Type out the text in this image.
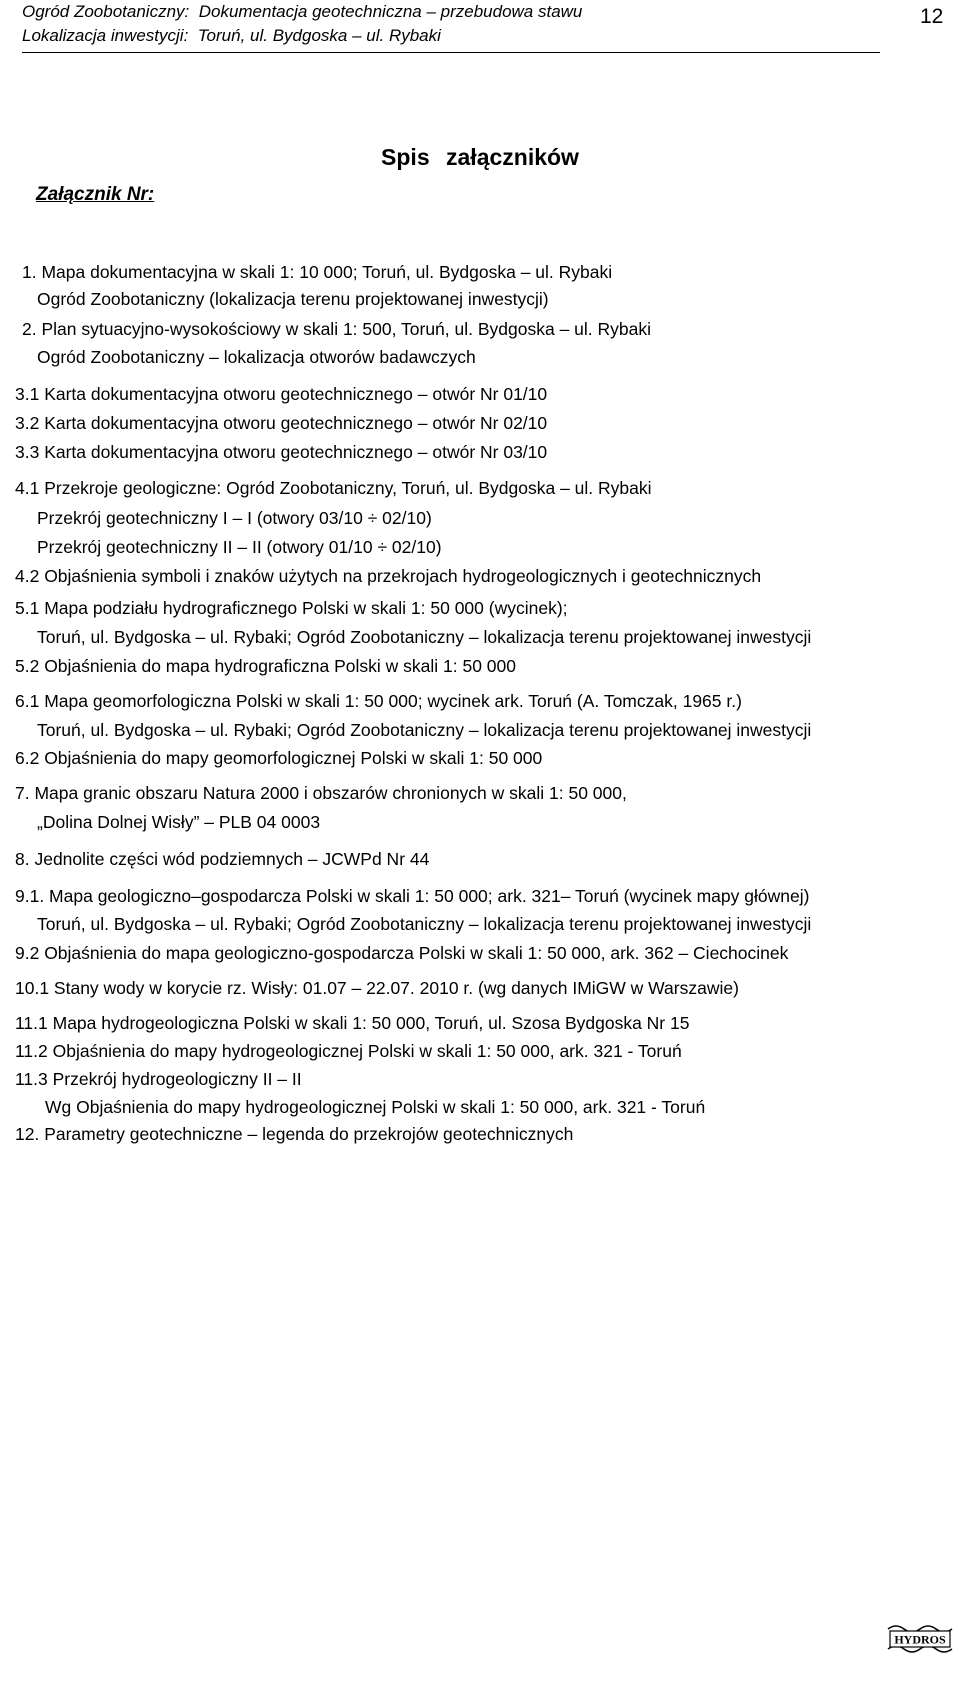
Ogród Zoobotaniczny:  Dokumentacja geotechniczna – przebudowa stawu
Lokalizacja inwestycji:  Toruń, ul. Bydgoska – ul. Rybaki
12
Spis załączników
Załącznik Nr:
1. Mapa dokumentacyjna w skali 1: 10 000; Toruń, ul. Bydgoska – ul. Rybaki
Ogród Zoobotaniczny (lokalizacja terenu projektowanej inwestycji)
2. Plan sytuacyjno-wysokościowy w skali 1: 500, Toruń, ul. Bydgoska – ul. Rybaki
Ogród Zoobotaniczny – lokalizacja otworów badawczych
3.1 Karta dokumentacyjna otworu geotechnicznego – otwór Nr 01/10
3.2 Karta dokumentacyjna otworu geotechnicznego – otwór Nr 02/10
3.3 Karta dokumentacyjna otworu geotechnicznego – otwór Nr 03/10
4.1 Przekroje geologiczne: Ogród Zoobotaniczny, Toruń, ul. Bydgoska – ul. Rybaki
Przekrój geotechniczny I – I (otwory 03/10 ÷ 02/10)
Przekrój geotechniczny II – II (otwory 01/10 ÷ 02/10)
4.2 Objaśnienia symboli i znaków użytych na przekrojach hydrogeologicznych i geotechnicznych
5.1 Mapa podziału hydrograficznego Polski w skali 1: 50 000 (wycinek);
Toruń, ul. Bydgoska – ul. Rybaki; Ogród Zoobotaniczny – lokalizacja terenu projektowanej inwestycji
5.2 Objaśnienia do mapa hydrograficzna Polski w skali 1: 50 000
6.1 Mapa geomorfologiczna Polski w skali 1: 50 000; wycinek ark. Toruń (A. Tomczak, 1965 r.)
Toruń, ul. Bydgoska – ul. Rybaki; Ogród Zoobotaniczny – lokalizacja terenu projektowanej inwestycji
6.2 Objaśnienia do mapy geomorfologicznej Polski w skali 1: 50 000
7. Mapa granic obszaru Natura 2000 i obszarów chronionych w skali 1: 50 000,
„Dolina Dolnej Wisły” – PLB 04 0003
8. Jednolite części wód podziemnych – JCWPd Nr 44
9.1. Mapa geologiczno–gospodarcza Polski w skali 1: 50 000; ark. 321– Toruń (wycinek mapy głównej)
Toruń, ul. Bydgoska – ul. Rybaki; Ogród Zoobotaniczny – lokalizacja terenu projektowanej inwestycji
9.2 Objaśnienia do mapa geologiczno-gospodarcza Polski w skali 1: 50 000, ark. 362 – Ciechocinek
10.1 Stany wody w korycie rz. Wisły: 01.07 – 22.07. 2010 r. (wg danych IMiGW w Warszawie)
11.1 Mapa hydrogeologiczna Polski w skali 1: 50 000, Toruń, ul. Szosa Bydgoska Nr 15
11.2 Objaśnienia do mapy hydrogeologicznej Polski w skali 1: 50 000, ark. 321 - Toruń
11.3 Przekrój hydrogeologiczny II – II
Wg Objaśnienia do mapy hydrogeologicznej Polski w skali 1: 50 000, ark. 321 - Toruń
12. Parametry geotechniczne – legenda do przekrojów geotechnicznych
HYDROS
